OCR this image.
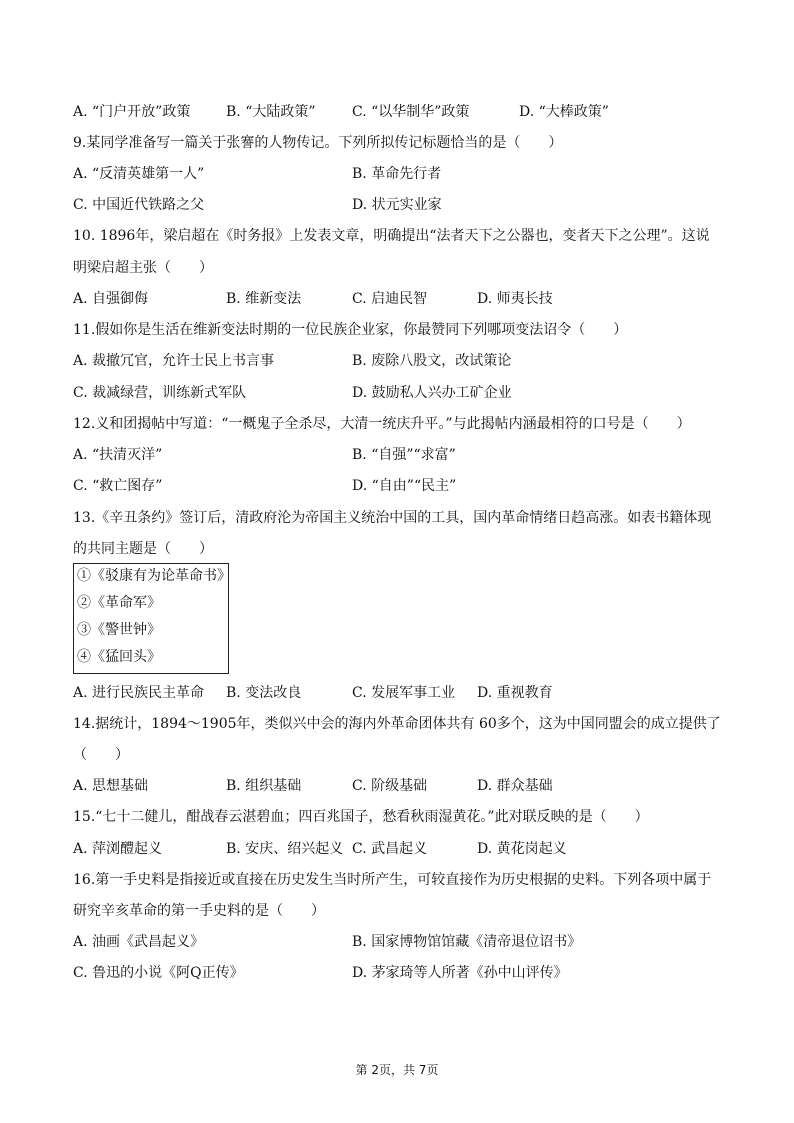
A. “门户开放”政策	B. “大陆政策”	C. “以华制华”政策	D. “大棒政策”
9.某同学准备写一篇关于张謇的人物传记。下列所拟传记标题恰当的是（　　）
A. “反清英雄第一人”	B. 革命先行者
C. 中国近代铁路之父	D. 状元实业家
10. 1896年，梁启超在《时务报》上发表文章，明确提出“法者天下之公器也，变者天下之公理”。这说
明梁启超主张（　　）
A. 自强御侮	B. 维新变法	C. 启迪民智	D. 师夷长技
11.假如你是生活在维新变法时期的一位民族企业家，你最赞同下列哪项变法诏令（　　）
A. 裁撤冗官，允许士民上书言事	B. 废除八股文，改试策论
C. 裁减绿营，训练新式军队	D. 鼓励私人兴办工矿企业
12.义和团揭帖中写道：“一概鬼子全杀尽，大清一统庆升平。”与此揭帖内涵最相符的口号是（　　）
A. “扶清灭洋”	B. “自强”“求富”
C. “救亡图存”	D. “自由”“民主”
13.《辛丑条约》签订后，清政府沦为帝国主义统治中国的工具，国内革命情绪日趋高涨。如表书籍体现
的共同主题是（　　）
①《驳康有为论革命书》
②《革命军》
③《警世钟》
④《猛回头》
A. 进行民族民主革命 B. 变法改良	C. 发展军事工业 D. 重视教育
14.据统计，1894～1905年，类似兴中会的海内外革命团体共有 60多个，这为中国同盟会的成立提供了
（　　）
A. 思想基础	B. 组织基础	C. 阶级基础	D. 群众基础
15.“七十二健儿，酣战春云湛碧血；四百兆国子，愁看秋雨湿黄花。”此对联反映的是（　　）
A. 萍浏醴起义	B. 安庆、绍兴起义 C. 武昌起义	D. 黄花岗起义
16.第一手史料是指接近或直接在历史发生当时所产生，可较直接作为历史根据的史料。下列各项中属于
研究辛亥革命的第一手史料的是（　　）
A. 油画《武昌起义》	B. 国家博物馆馆藏《清帝退位诏书》
C. 鲁迅的小说《阿Q正传》	D. 茅家琦等人所著《孙中山评传》
第 2页，共 7页
